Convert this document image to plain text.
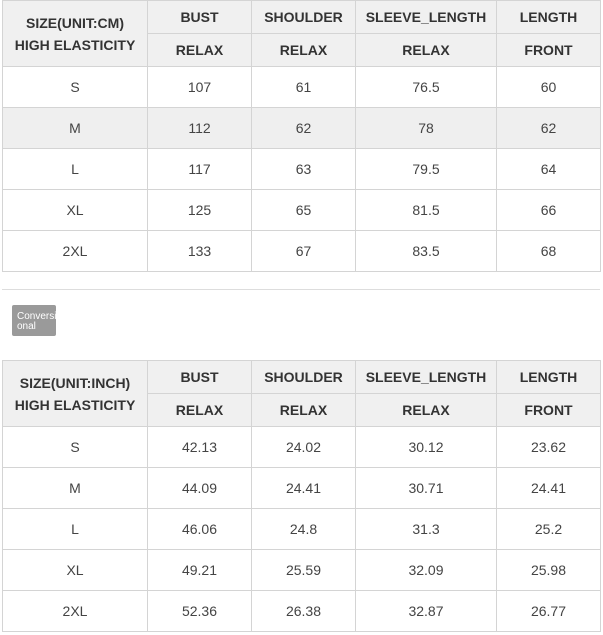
SIZE(UNIT:CM)
HIGH ELASTICITY	BUST	SHOULDER	SLEEVE_LENGTH	LENGTH
	RELAX	RELAX	RELAX	FRONT
S	107	61	76.5	60
M	112	62	78	62
L	117	63	79.5	64
XL	125	65	81.5	66
2XL	133	67	83.5	68
Conversional
SIZE(UNIT:INCH)
HIGH ELASTICITY	BUST	SHOULDER	SLEEVE_LENGTH	LENGTH
	RELAX	RELAX	RELAX	FRONT
S	42.13	24.02	30.12	23.62
M	44.09	24.41	30.71	24.41
L	46.06	24.8	31.3	25.2
XL	49.21	25.59	32.09	25.98
2XL	52.36	26.38	32.87	26.77
